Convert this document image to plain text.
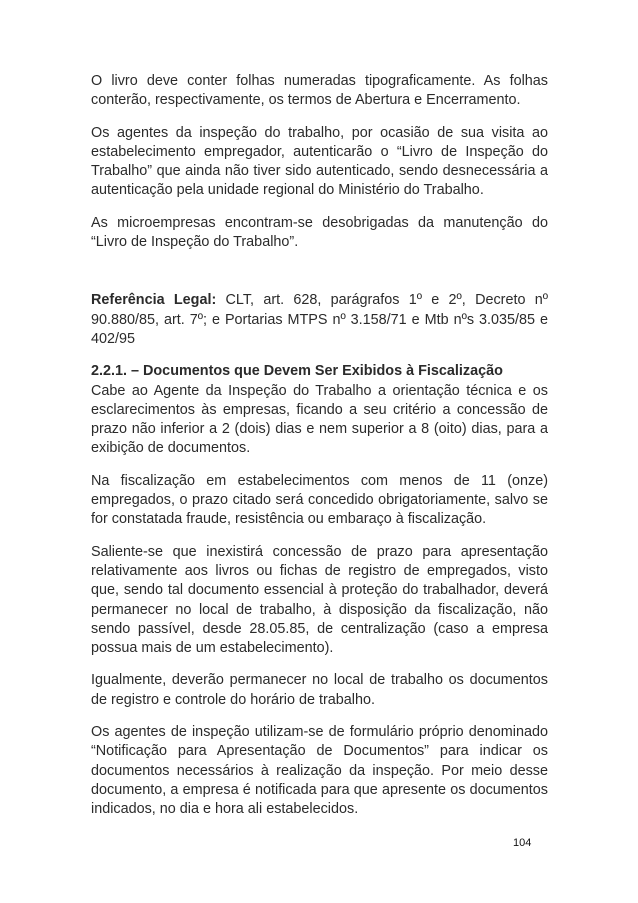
O livro deve conter folhas numeradas tipograficamente. As folhas conterão, respectivamente, os termos de Abertura e Encerramento.

Os agentes da inspeção do trabalho, por ocasião de sua visita ao estabelecimento empregador, autenticarão o “Livro de Inspeção do Trabalho” que ainda não tiver sido autenticado, sendo desnecessária a autenticação pela unidade regional do Ministério do Trabalho.

As microempresas encontram-se desobrigadas da manutenção do “Livro de Inspeção do Trabalho”.

Referência Legal: CLT, art. 628, parágrafos 1º e 2º, Decreto nº 90.880/85, art. 7º; e Portarias MTPS nº 3.158/71 e Mtb nºs 3.035/85 e 402/95

2.2.1. – Documentos que Devem Ser Exibidos à Fiscalização

Cabe ao Agente da Inspeção do Trabalho a orientação técnica e os esclarecimentos às empresas, ficando a seu critério a concessão de prazo não inferior a 2 (dois) dias e nem superior a 8 (oito) dias, para a exibição de documentos.

Na fiscalização em estabelecimentos com menos de 11 (onze) empregados, o prazo citado será concedido obrigatoriamente, salvo se for constatada fraude, resistência ou embaraço à fiscalização.

Saliente-se que inexistirá concessão de prazo para apresentação relativamente aos livros ou fichas de registro de empregados, visto que, sendo tal documento essencial à proteção do trabalhador, deverá permanecer no local de trabalho, à disposição da fiscalização, não sendo passível, desde 28.05.85, de centralização (caso a empresa possua mais de um estabelecimento).

Igualmente, deverão permanecer no local de trabalho os documentos de registro e controle do horário de trabalho.

Os agentes de inspeção utilizam-se de formulário próprio denominado “Notificação para Apresentação de Documentos” para indicar os documentos necessários à realização da inspeção. Por meio desse documento, a empresa é notificada para que apresente os documentos indicados, no dia e hora ali estabelecidos.

104
